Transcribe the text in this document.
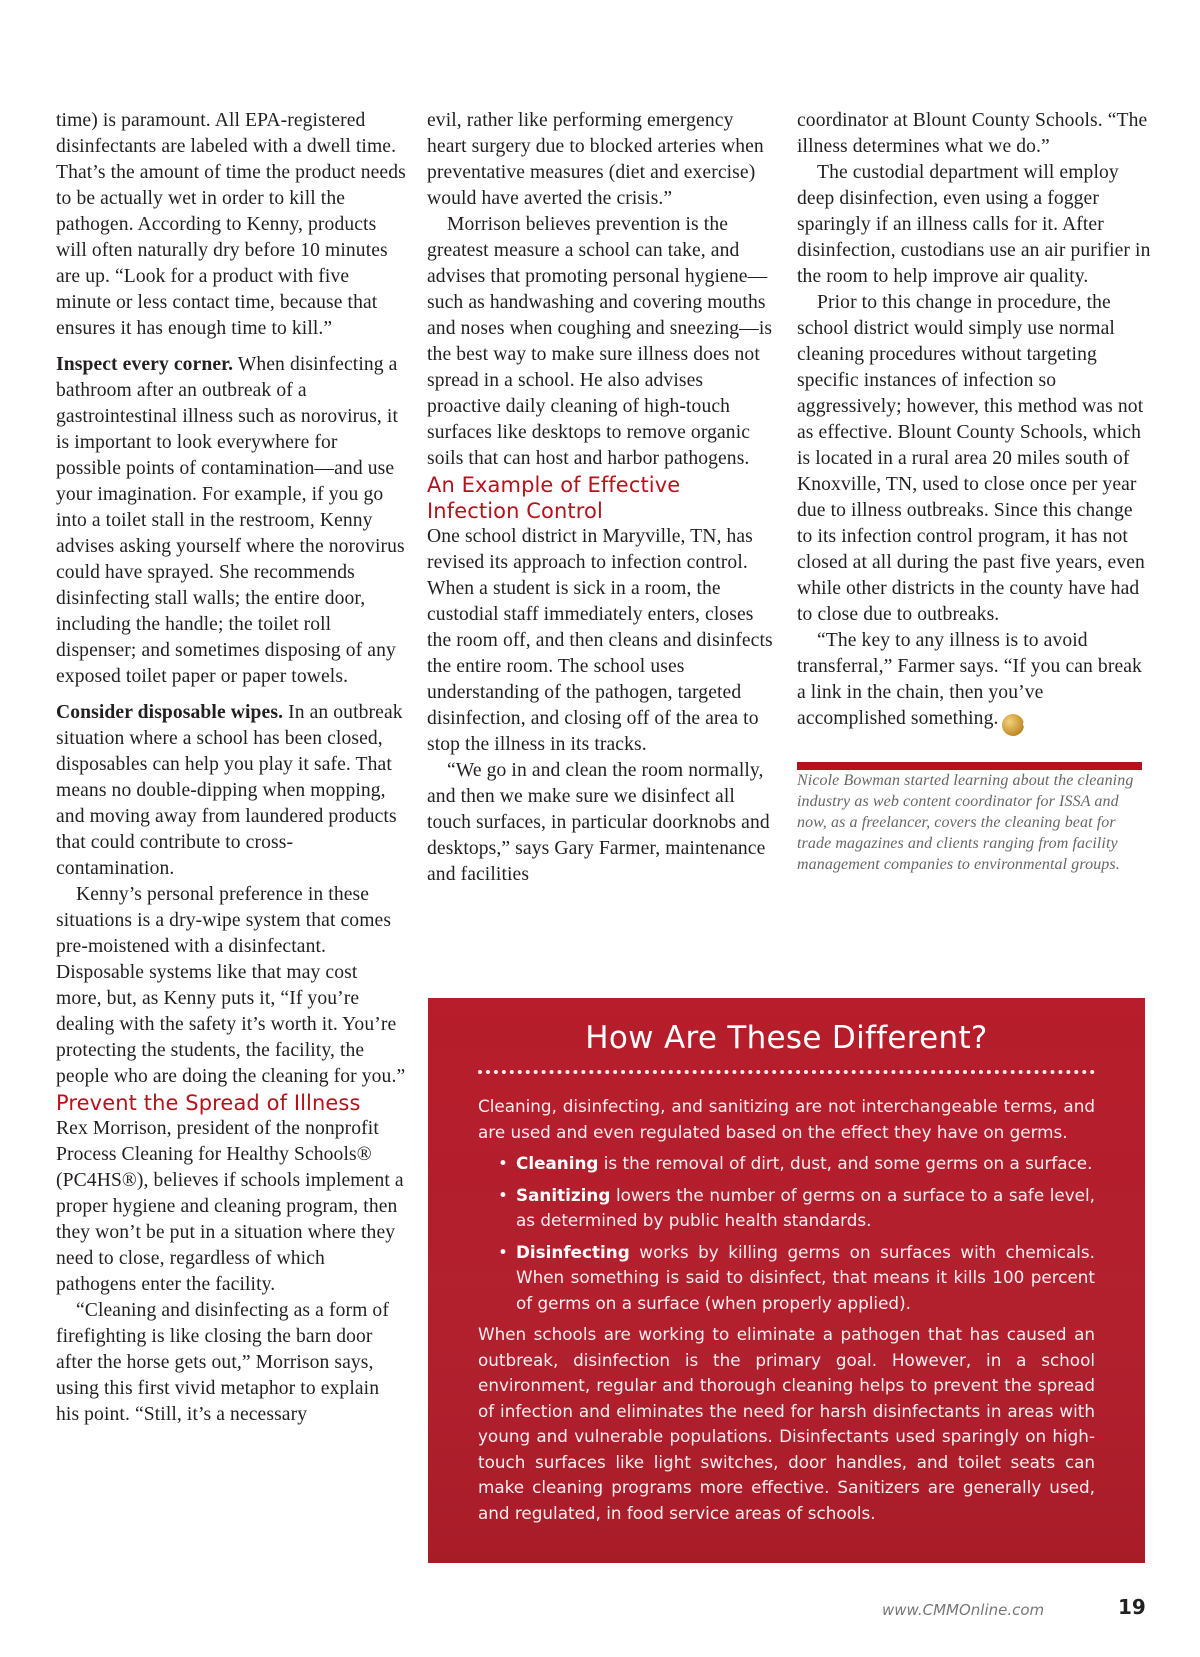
time) is paramount. All EPA-registered disinfectants are labeled with a dwell time. That’s the amount of time the product needs to be actually wet in order to kill the pathogen. According to Kenny, products will often naturally dry before 10 minutes are up. “Look for a product with five minute or less contact time, because that ensures it has enough time to kill.”

Inspect every corner. When disinfecting a bathroom after an outbreak of a gastrointestinal illness such as norovirus, it is important to look everywhere for possible points of contamination—and use your imagination. For example, if you go into a toilet stall in the restroom, Kenny advises asking yourself where the norovirus could have sprayed. She recommends disinfecting stall walls; the entire door, including the handle; the toilet roll dispenser; and sometimes disposing of any exposed toilet paper or paper towels.

Consider disposable wipes. In an outbreak situation where a school has been closed, disposables can help you play it safe. That means no double-dipping when mopping, and moving away from laundered products that could contribute to cross-contamination.

Kenny’s personal preference in these situations is a dry-wipe system that comes pre-moistened with a disinfectant. Disposable systems like that may cost more, but, as Kenny puts it, “If you’re dealing with the safety it’s worth it. You’re protecting the students, the facility, the people who are doing the cleaning for you.”

Prevent the Spread of Illness

Rex Morrison, president of the nonprofit Process Cleaning for Healthy Schools® (PC4HS®), believes if schools implement a proper hygiene and cleaning program, then they won’t be put in a situation where they need to close, regardless of which pathogens enter the facility.

“Cleaning and disinfecting as a form of firefighting is like closing the barn door after the horse gets out,” Morrison says, using this first vivid metaphor to explain his point. “Still, it’s a necessary

evil, rather like performing emergency heart surgery due to blocked arteries when preventative measures (diet and exercise) would have averted the crisis.”

Morrison believes prevention is the greatest measure a school can take, and advises that promoting personal hygiene—such as handwashing and covering mouths and noses when coughing and sneezing—is the best way to make sure illness does not spread in a school. He also advises proactive daily cleaning of high-touch surfaces like desktops to remove organic soils that can host and harbor pathogens.

An Example of Effective Infection Control

One school district in Maryville, TN, has revised its approach to infection control. When a student is sick in a room, the custodial staff immediately enters, closes the room off, and then cleans and disinfects the entire room. The school uses understanding of the pathogen, targeted disinfection, and closing off of the area to stop the illness in its tracks.

“We go in and clean the room normally, and then we make sure we disinfect all touch surfaces, in particular doorknobs and desktops,” says Gary Farmer, maintenance and facilities

coordinator at Blount County Schools. “The illness determines what we do.”

The custodial department will employ deep disinfection, even using a fogger sparingly if an illness calls for it. After disinfection, custodians use an air purifier in the room to help improve air quality.

Prior to this change in procedure, the school district would simply use normal cleaning procedures without targeting specific instances of infection so aggressively; however, this method was not as effective. Blount County Schools, which is located in a rural area 20 miles south of Knoxville, TN, used to close once per year due to illness outbreaks. Since this change to its infection control program, it has not closed at all during the past five years, even while other districts in the county have had to close due to outbreaks.

“The key to any illness is to avoid transferral,” Farmer says. “If you can break a link in the chain, then you’ve accomplished something.	CM

Nicole Bowman started learning about the cleaning industry as web content coordinator for ISSA and now, as a freelancer, covers the cleaning beat for trade magazines and clients ranging from facility management companies to environmental groups.

How Are These Different?

Cleaning, disinfecting, and sanitizing are not interchangeable terms, and are used and even regulated based on the effect they have on germs.

• Cleaning is the removal of dirt, dust, and some germs on a surface.
• Sanitizing lowers the number of germs on a surface to a safe level, as determined by public health standards.
• Disinfecting works by killing germs on surfaces with chemicals. When something is said to disinfect, that means it kills 100 percent of germs on a surface (when properly applied).

When schools are working to eliminate a pathogen that has caused an outbreak, disinfection is the primary goal. However, in a school environment, regular and thorough cleaning helps to prevent the spread of infection and eliminates the need for harsh disinfectants in areas with young and vulnerable populations. Disinfectants used sparingly on high-touch surfaces like light switches, door handles, and toilet seats can make cleaning programs more effective. Sanitizers are generally used, and regulated, in food service areas of schools.

www.CMMOnline.com	19
